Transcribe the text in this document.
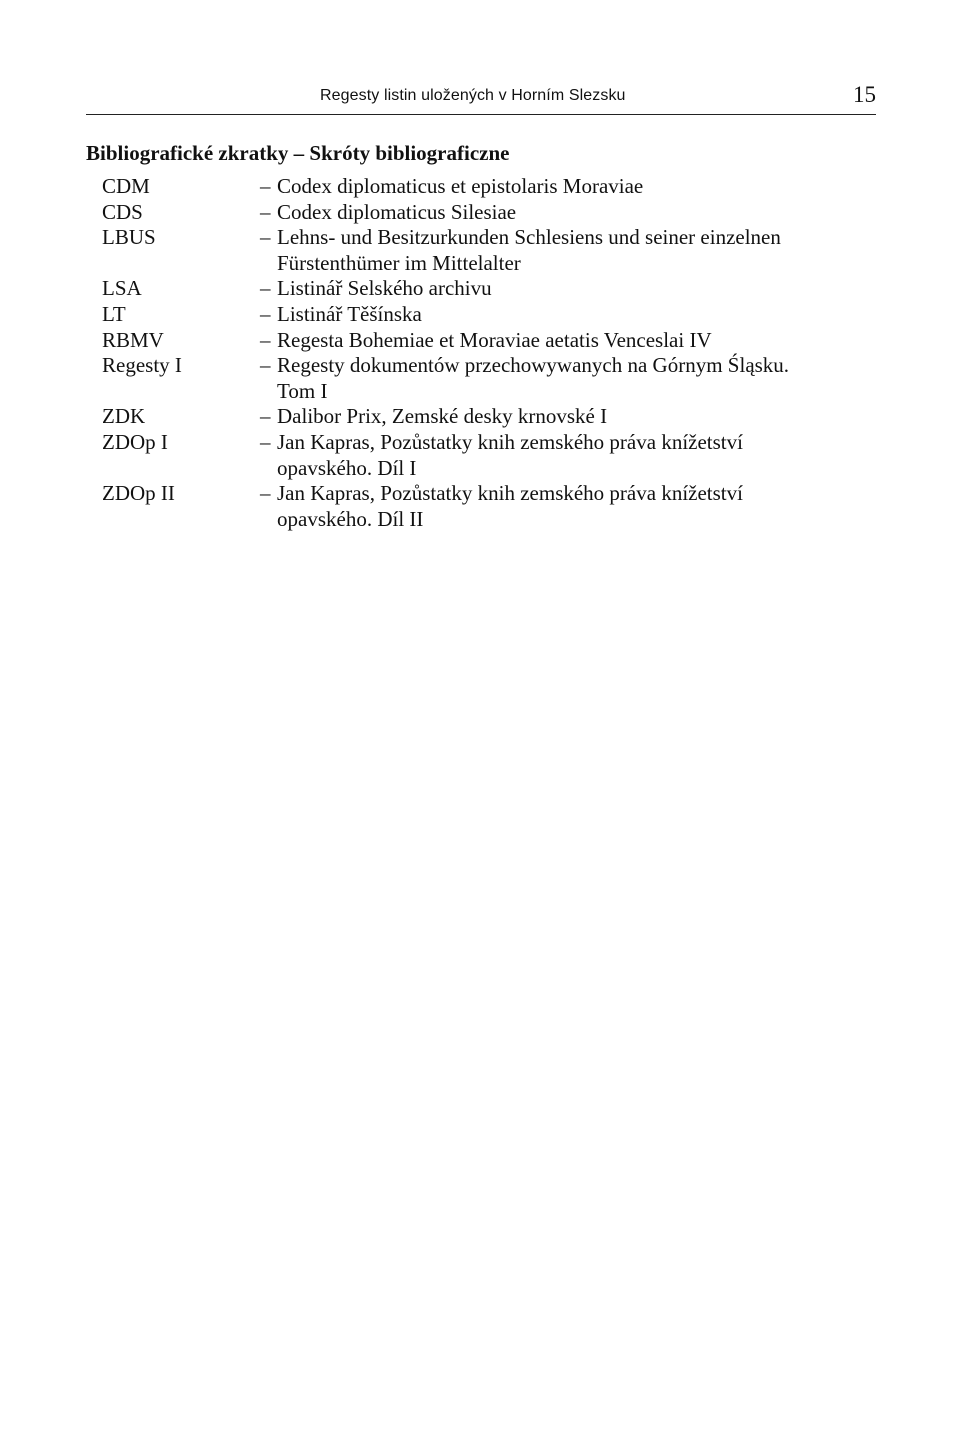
Regesty listin uložených v Horním Slezsku	15
Bibliografické zkratky – Skróty bibliograficzne
CDM	– Codex diplomaticus et epistolaris Moraviae
CDS	– Codex diplomaticus Silesiae
LBUS	– Lehns- und Besitzurkunden Schlesiens und seiner einzelnen
Fürstenthümer im Mittelalter
LSA	– Listinář Selského archivu
LT	– Listinář Těšínska
RBMV	– Regesta Bohemiae et Moraviae aetatis Venceslai IV
Regesty I	– Regesty dokumentów przechowywanych na Górnym Śląsku.
Tom I
ZDK	– Dalibor Prix, Zemské desky krnovské I
ZDOp I	– Jan Kapras, Pozůstatky knih zemského práva knížetství
opavského. Díl I
ZDOp II	– Jan Kapras, Pozůstatky knih zemského práva knížetství
opavského. Díl II
